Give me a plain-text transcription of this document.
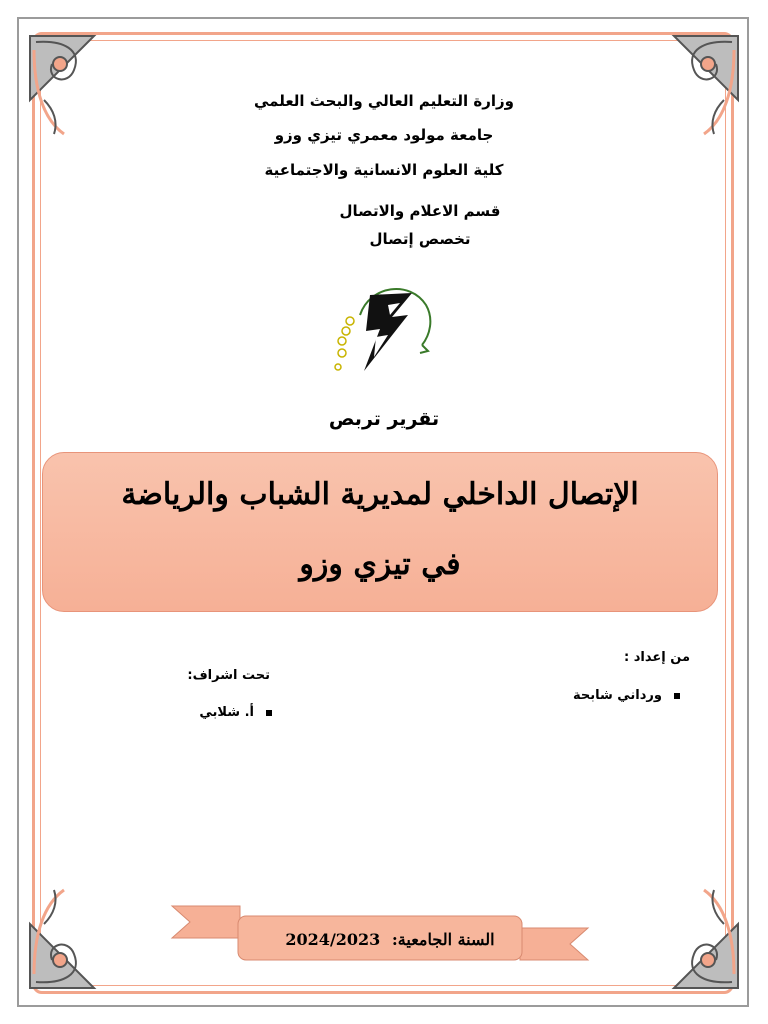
وزارة التعليم العالي والبحث العلمي
جامعة مولود معمري تيزي وزو
كلية العلوم الانسانية والاجتماعية
قسم الاعلام والاتصال
تخصص إتصال
تقرير تربص
الإتصال الداخلي لمديرية الشباب والرياضة
في تيزي وزو
من إعداد :
ورداني شابحة
تحت اشراف:
أ. شلابي
السنة الجامعية: 2024/2023
